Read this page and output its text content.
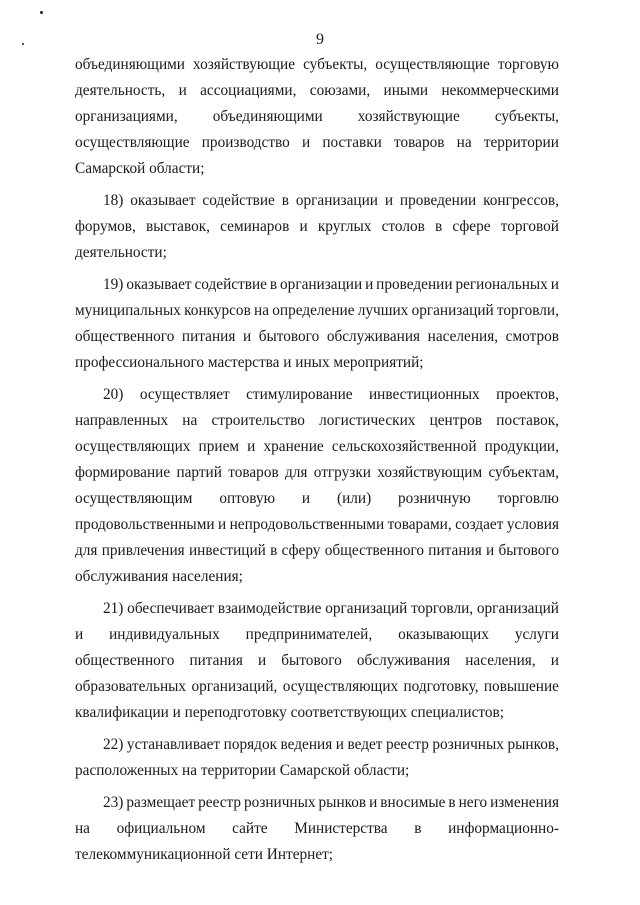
9
объединяющими хозяйствующие субъекты, осуществляющие торговую
деятельность, и ассоциациями, союзами, иными некоммерческими
организациями, объединяющими хозяйствующие субъекты,
осуществляющие производство и поставки товаров на территории
Самарской области;
18) оказывает содействие в организации и проведении конгрессов,
форумов, выставок, семинаров и круглых столов в сфере торговой
деятельности;
19) оказывает содействие в организации и проведении региональных и
муниципальных конкурсов на определение лучших организаций торговли,
общественного питания и бытового обслуживания населения, смотров
профессионального мастерства и иных мероприятий;
20) осуществляет стимулирование инвестиционных проектов,
направленных на строительство логистических центров поставок,
осуществляющих прием и хранение сельскохозяйственной продукции,
формирование партий товаров для отгрузки хозяйствующим субъектам,
осуществляющим оптовую и (или) розничную торговлю
продовольственными и непродовольственными товарами, создает условия
для привлечения инвестиций в сферу общественного питания и бытового
обслуживания населения;
21) обеспечивает взаимодействие организаций торговли, организаций
и индивидуальных предпринимателей, оказывающих услуги
общественного питания и бытового обслуживания населения, и
образовательных организаций, осуществляющих подготовку, повышение
квалификации и переподготовку соответствующих специалистов;
22) устанавливает порядок ведения и ведет реестр розничных рынков,
расположенных на территории Самарской области;
23) размещает реестр розничных рынков и вносимые в него изменения
на официальном сайте Министерства в информационно-
телекоммуникационной сети Интернет;
